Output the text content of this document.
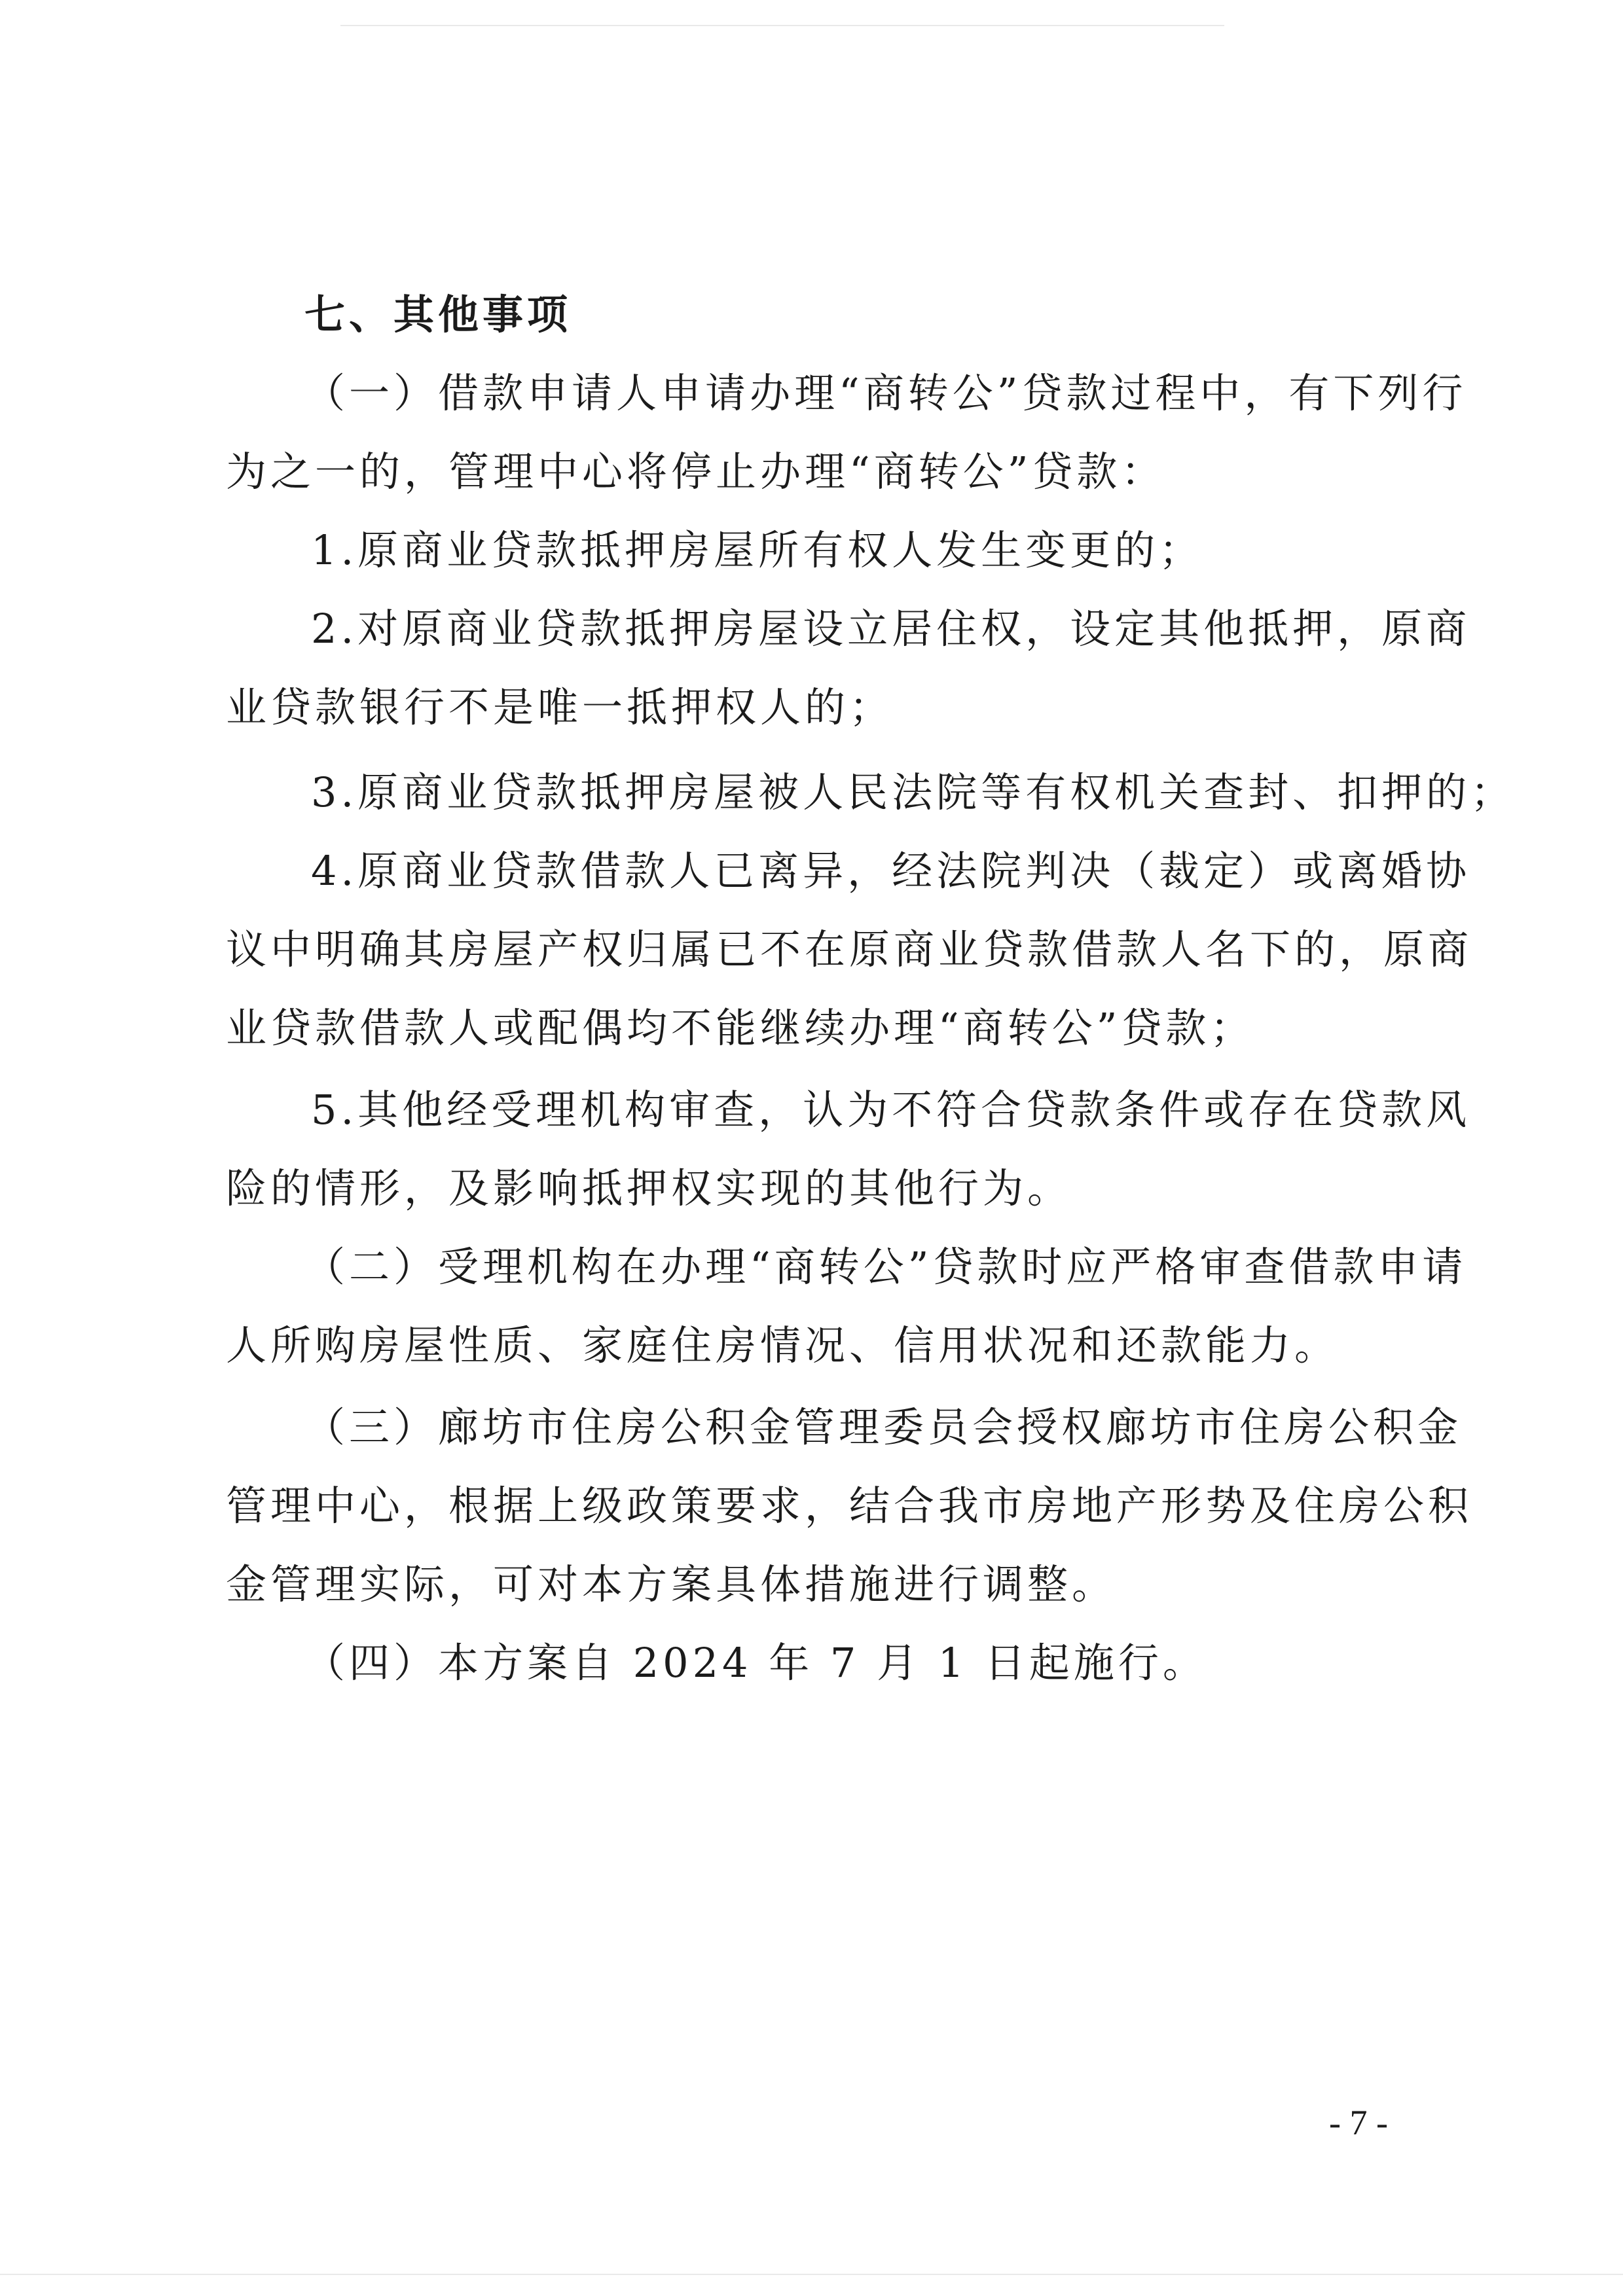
七、其他事项
（一）借款申请人申请办理“商转公”贷款过程中，有下列行
为之一的，管理中心将停止办理“商转公”贷款：
1.原商业贷款抵押房屋所有权人发生变更的；
2.对原商业贷款抵押房屋设立居住权，设定其他抵押，原商
业贷款银行不是唯一抵押权人的；
3.原商业贷款抵押房屋被人民法院等有权机关查封、扣押的；
4.原商业贷款借款人已离异，经法院判决（裁定）或离婚协
议中明确其房屋产权归属已不在原商业贷款借款人名下的，原商
业贷款借款人或配偶均不能继续办理“商转公”贷款；
5.其他经受理机构审查，认为不符合贷款条件或存在贷款风
险的情形，及影响抵押权实现的其他行为。
（二）受理机构在办理“商转公”贷款时应严格审查借款申请
人所购房屋性质、家庭住房情况、信用状况和还款能力。
（三）廊坊市住房公积金管理委员会授权廊坊市住房公积金
管理中心，根据上级政策要求，结合我市房地产形势及住房公积
金管理实际，可对本方案具体措施进行调整。
（四）本方案自 2024 年 7 月 1 日起施行。
- 7 -
